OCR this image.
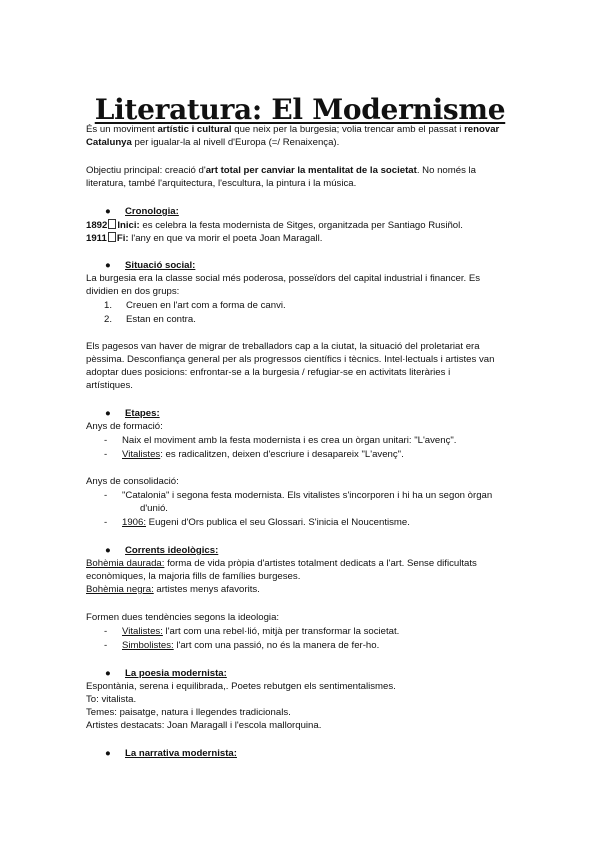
Literatura: El Modernisme
És un moviment artístic i cultural que neix per la burgesia; volia trencar amb el passat i renovar
Catalunya per igualar-la al nivell d'Europa (=/ Renaixença).
Objectiu principal: creació d'art total per canviar la mentalitat de la societat. No només la
literatura, també l'arquitectura, l'escultura, la pintura i la música.
● Cronologia:
1892 Inici: es celebra la festa modernista de Sitges, organitzada per Santiago Rusiñol.
1911 Fi: l'any en que va morir el poeta Joan Maragall.
● Situació social:
La burgesia era la classe social més poderosa, posseïdors del capital industrial i financer. Es
dividien en dos grups:
1. Creuen en l'art com a forma de canvi.
2. Estan en contra.
Els pagesos van haver de migrar de treballadors cap a la ciutat, la situació del proletariat era
pèssima. Desconfiança general per als progressos científics i tècnics. Intel·lectuals i artistes van
adoptar dues posicions: enfrontar-se a la burgesia / refugiar-se en activitats literàries i
artístiques.
● Etapes:
Anys de formació:
- Naix el moviment amb la festa modernista i es crea un òrgan unitari: "L'avenç".
- Vitalistes: es radicalitzen, deixen d'escriure i desapareix "L'avenç".
Anys de consolidació:
- "Catalonia" i segona festa modernista. Els vitalistes s'incorporen i hi ha un segon òrgan
d'unió.
- 1906: Eugeni d'Ors publica el seu Glossari. S'inicia el Noucentisme.
● Corrents ideològics:
Bohèmia daurada: forma de vida pròpia d'artistes totalment dedicats a l'art. Sense dificultats
econòmiques, la majoria fills de famílies burgeses.
Bohèmia negra: artistes menys afavorits.
Formen dues tendències segons la ideologia:
- Vitalistes: l'art com una rebel·lió, mitjà per transformar la societat.
- Simbolistes: l'art com una passió, no és la manera de fer-ho.
● La poesia modernista:
Espontània, serena i equilibrada,. Poetes rebutgen els sentimentalismes.
To: vitalista.
Temes: paisatge, natura i llegendes tradicionals.
Artistes destacats: Joan Maragall i l'escola mallorquina.
● La narrativa modernista:
